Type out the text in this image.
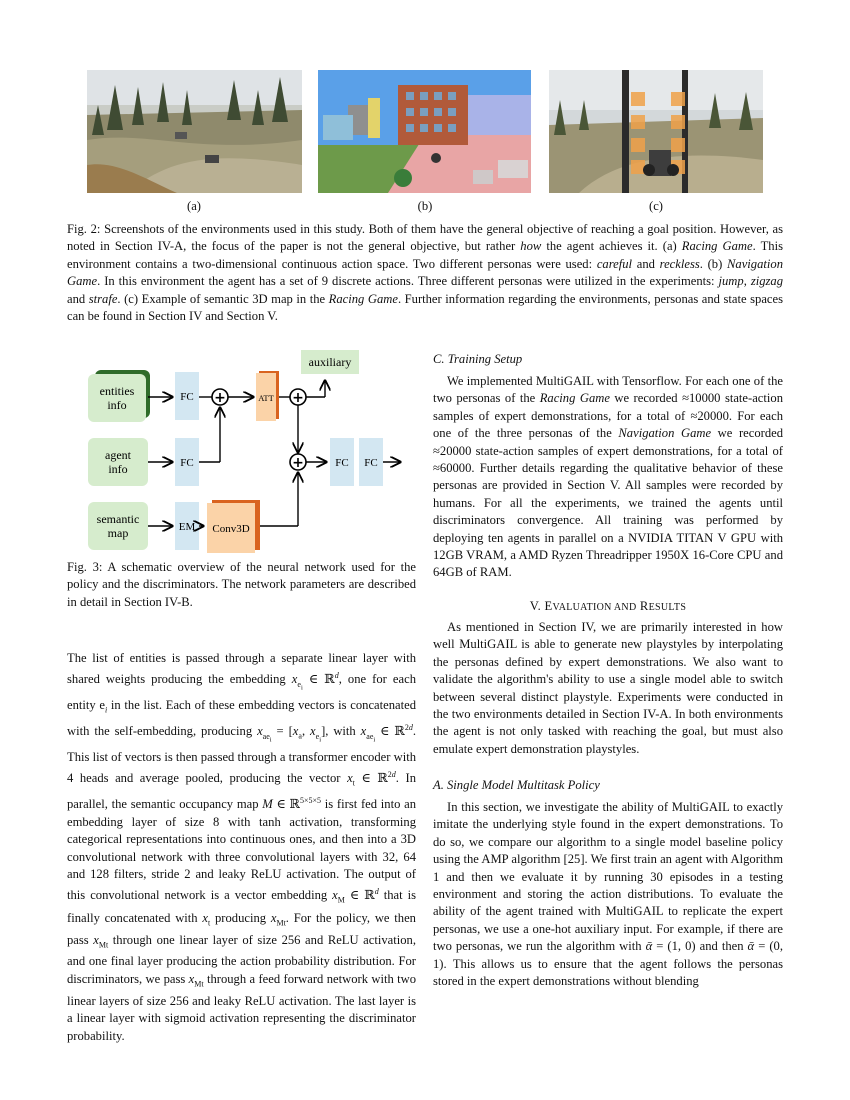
(a)	(b)	(c)
Fig. 2: Screenshots of the environments used in this study. Both of them have the general objective of reaching a goal position. However, as noted in Section IV-A, the focus of the paper is not the general objective, but rather how the agent achieves it. (a) Racing Game. This environment contains a two-dimensional continuous action space. Two different personas were used: careful and reckless. (b) Navigation Game. In this environment the agent has a set of 9 discrete actions. Three different personas were utilized in the experiments: jump, zigzag and strafe. (c) Example of semantic 3D map in the Racing Game. Further information regarding the environments, personas and state spaces can be found in Section IV and Section V.
entities
info
agent
info
semantic
map
FC
FC
EM
+	ATT +
auxiliary
Conv3D
+	FC FC
Fig. 3: A schematic overview of the neural network used for the policy and the discriminators. The network parameters are described in detail in Section IV-B.
The list of entities is passed through a separate linear layer with shared weights producing the embedding $x_{e_i}$ ∈ ℝ$^d$, one for each entity $e_i$ in the list. Each of these embedding vectors is concatenated with the self-embedding, producing $x_{ae_i} = [x_a$, $x_{e_i}$], with $x_{ae_i}$ ∈ ℝ$^{2d}$. This list of vectors is then passed through a transformer encoder with 4 heads and average pooled, producing the vector $x_t$ ∈ ℝ$^{2d}$. In parallel, the semantic occupancy map M ∈ ℝ$^{5\times 5\times 5}$ is first fed into an embedding layer of size 8 with tanh activation, transforming categorical representations into continuous ones, and then into a 3D convolutional network with three convolutional layers with 32, 64 and 128 filters, stride 2 and leaky ReLU activation. The output of this convolutional network is a vector embedding $x_M$ ∈ ℝ$^d$ that is finally concatenated with $x_t$ producing $x_{Mt}$. For the policy, we then pass $x_{Mt}$ through one linear layer of size 256 and ReLU activation, and one final layer producing the action probability distribution. For discriminators, we pass $x_{Mt}$ through a feed forward network with two linear layers of size 256 and leaky ReLU activation. The last layer is a linear layer with sigmoid activation representing the discriminator probability.
C. Training Setup
We implemented MultiGAIL with Tensorflow. For each one of the two personas of the Racing Game we recorded ≈10000 state-action samples of expert demonstrations, for a total of ≈20000. For each one of the three personas of the Navigation Game we recorded ≈20000 state-action samples of expert demonstrations, for a total of ≈60000. Further details regarding the qualitative behavior of these personas are provided in Section V. All samples were recorded by humans. For all the experiments, we trained the agents until discriminators convergence. All training was performed by deploying ten agents in parallel on a NVIDIA TITAN V GPU with 12GB VRAM, a AMD Ryzen Threadripper 1950X 16-Core CPU and 64GB of RAM.
V. EVALUATION AND RESULTS
As mentioned in Section IV, we are primarily interested in how well MultiGAIL is able to generate new playstyles by interpolating the personas defined by expert demonstrations. We also want to validate the algorithm's ability to use a single model able to switch between several distinct playstyle. Experiments were conducted in the two environments detailed in Section IV-A. In both environments the agent is not only tasked with reaching the goal, but must also emulate expert demonstration playstyles.
A. Single Model Multitask Policy
In this section, we investigate the ability of MultiGAIL to exactly imitate the underlying style found in the expert demonstrations. To do so, we compare our algorithm to a single model baseline policy using the AMP algorithm [25]. We first train an agent with Algorithm 1 and then we evaluate it by running 30 episodes in a testing environment and storing the action distributions. To evaluate the ability of the agent trained with MultiGAIL to replicate the expert personas, we use a one-hot auxiliary input. For example, if there are two personas, we run the algorithm with ᾱ = (1, 0) and then ᾱ = (0, 1). This allows us to ensure that the agent follows the personas stored in the expert demonstrations without blending
